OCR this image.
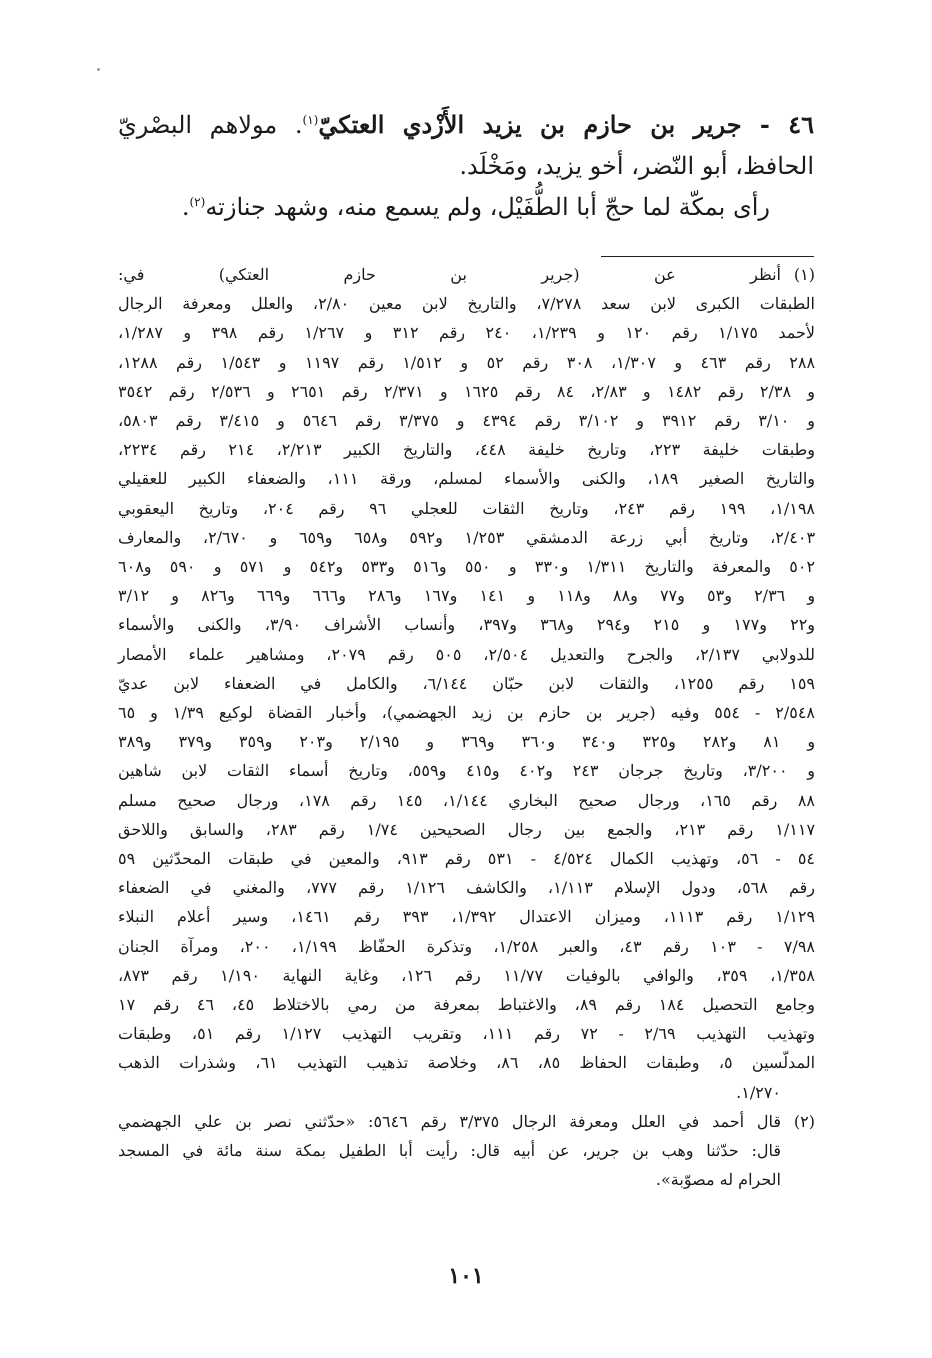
٤٦ - جرير بن حازم بن يزيد الأَزْدي العتكيّ$^{(١)}$. مولاهم البصْريّ
الحافظ، أبو النّضر، أخو يزيد، ومَخْلَد.
رأى بمكّة لما حجّ أبا الطُّفَيْل، ولم يسمع منه، وشهد جنازته$^{(٢)}$.
(١)
أنظر عن (جرير بن حازم العتكي) في:
الطبقات الكبرى لابن سعد ٧/٢٧٨، والتاريخ لابن معين ٢/٨٠، والعلل ومعرفة الرجال
لأحمد ١/١٧٥ رقم ١٢٠ و ١/٢٣٩، ٢٤٠ رقم ٣١٢ و ١/٢٦٧ رقم ٣٩٨ و ١/٢٨٧،
٢٨٨ رقم ٤٦٣ و ١/٣٠٧، ٣٠٨ رقم ٥٢ و ١/٥١٢ رقم ١١٩٧ و ١/٥٤٣ رقم ١٢٨٨،
و ٢/٣٨ رقم ١٤٨٢ و ٢/٨٣، ٨٤ رقم ١٦٢٥ و ٢/٣٧١ رقم ٢٦٥١ و ٢/٥٣٦ رقم ٣٥٤٢
و ٣/١٠ رقم ٣٩١٢ و ٣/١٠٢ رقم ٤٣٩٤ و ٣/٣٧٥ رقم ٥٦٤٦ و ٣/٤١٥ رقم ٥٨٠٣،
وطبقات خليفة ٢٢٣، وتاريخ خليفة ٤٤٨، والتاريخ الكبير ٢/٢١٣، ٢١٤ رقم ٢٢٣٤،
والتاريخ الصغير ١٨٩، والكنى والأسماء لمسلم، ورقة ١١١، والضعفاء الكبير للعقيلي
١/١٩٨، ١٩٩ رقم ٢٤٣، وتاريخ الثقات للعجلي ٩٦ رقم ٢٠٤، وتاريخ اليعقوبي
٢/٤٠٣، وتاريخ أبي زرعة الدمشقي ١/٢٥٣ و٥٩٢ و٦٥٨ و٦٥٩ و ٢/٦٧٠، والمعارف
٥٠٢ والمعرفة والتاريخ ١/٣١١ و٣٣٠ و ٥٥٠ و٥١٦ و٥٣٣ و٥٤٢ و ٥٧١ و ٥٩٠ و٦٠٨
و ٢/٣٦ و٥٣ و٧٧ و٨٨ و١١٨ و ١٤١ و١٦٧ و٢٨٦ و٦٦٦ و٦٦٩ و٨٢٦ و ٣/١٢
و٢٢ و١٧٧ و ٢١٥ و٢٩٤ و٣٦٨ و٣٩٧، وأنساب الأشراف ٣/٩٠، والكنى والأسماء
للدولابي ٢/١٣٧، والجرح والتعديل ٢/٥٠٤، ٥٠٥ رقم ٢٠٧٩، ومشاهير علماء الأمصار
١٥٩ رقم ١٢٥٥، والثقات لابن حبّان ٦/١٤٤، والكامل في الضعفاء لابن عديّ
٢/٥٤٨ - ٥٥٤ وفيه (جرير بن حازم بن زيد الجهضمي)، وأخبار القضاة لوكيع ١/٣٩ و ٦٥
و ٨١ و٢٨٢ و٣٢٥ و٣٤٠ و٣٦٠ و٣٦٩ و ٢/١٩٥ و٢٠٣ و٣٥٩ و٣٧٩ و٣٨٩
و ٣/٢٠٠، وتاريخ جرجان ٢٤٣ و٤٠٢ و٤١٥ و٥٥٩، وتاريخ أسماء الثقات لابن شاهين
٨٨ رقم ١٦٥، ورجال صحيح البخاري ١/١٤٤، ١٤٥ رقم ١٧٨، ورجال صحيح مسلم
١/١١٧ رقم ٢١٣، والجمع بين رجال الصحيحين ١/٧٤ رقم ٢٨٣، والسابق واللاحق
٥٤ - ٥٦، وتهذيب الكمال ٤/٥٢٤ - ٥٣١ رقم ٩١٣، والمعين في طبقات المحدّثين ٥٩
رقم ٥٦٨، ودول الإسلام ١/١١٣، والكاشف ١/١٢٦ رقم ٧٧٧، والمغني في الضعفاء
١/١٢٩ رقم ١١١٣، وميزان الاعتدال ١/٣٩٢، ٣٩٣ رقم ١٤٦١، وسير أعلام النبلاء
٧/٩٨ - ١٠٣ رقم ٤٣، والعبر ١/٢٥٨، وتذكرة الحفّاظ ١/١٩٩، ٢٠٠، ومرآة الجنان
١/٣٥٨، ٣٥٩، والوافي بالوفيات ١١/٧٧ رقم ١٢٦، وغاية النهاية ١/١٩٠ رقم ٨٧٣،
وجامع التحصيل ١٨٤ رقم ٨٩، والاغتباط بمعرفة من رمي بالاختلاط ٤٥، ٤٦ رقم ١٧
وتهذيب التهذيب ٢/٦٩ - ٧٢ رقم ١١١، وتقريب التهذيب ١/١٢٧ رقم ٥١، وطبقات
المدلّسين ٥، وطبقات الحفاظ ٨٥، ٨٦، وخلاصة تذهيب التهذيب ٦١، وشذرات الذهب
١/٢٧٠.
(٢)
قال أحمد في العلل ومعرفة الرجال ٣/٣٧٥ رقم ٥٦٤٦: «حدّثني نصر بن علي الجهضمي
قال: حدّثنا وهب بن جرير، عن أبيه قال: رأيت أبا الطفيل بمكة سنة مائة في المسجد
الحرام له مصوّبة».
١٠١
